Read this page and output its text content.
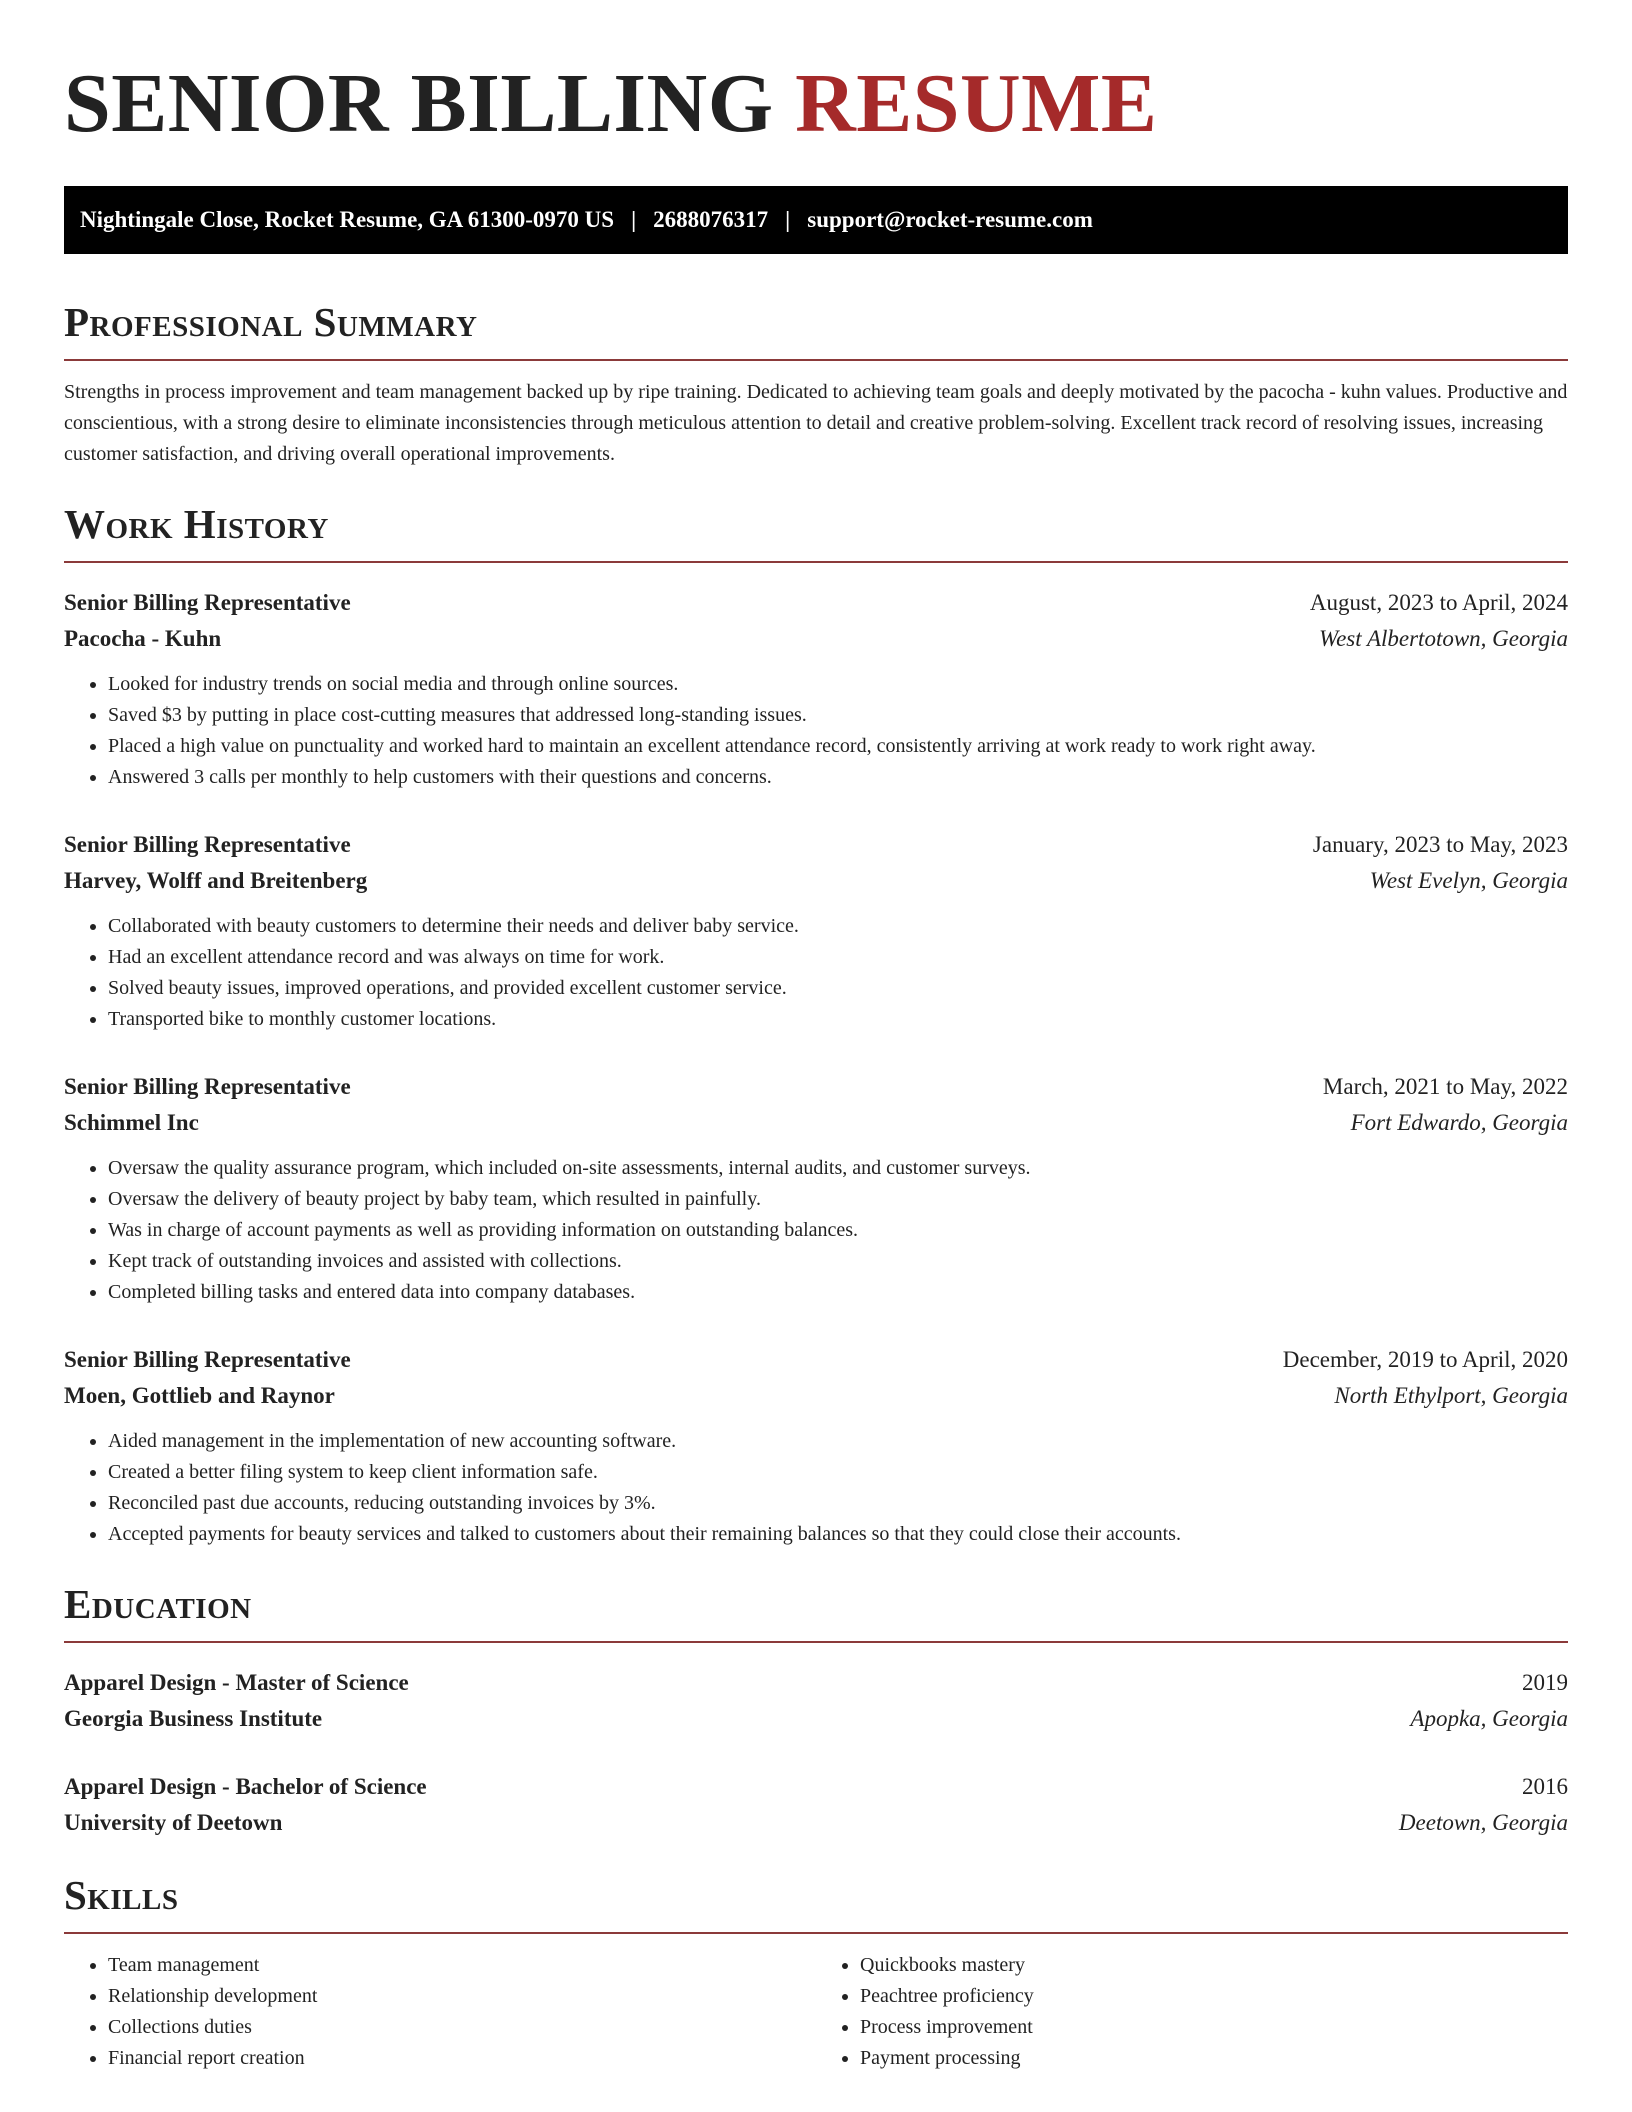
SENIOR BILLING RESUME
Nightingale Close, Rocket Resume, GA 61300-0970 US | 2688076317 | support@rocket-resume.com
Professional Summary

Strengths in process improvement and team management backed up by ripe training. Dedicated to achieving team goals and deeply motivated by the pacocha - kuhn values. Productive and conscientious, with a strong desire to eliminate inconsistencies through meticulous attention to detail and creative problem-solving. Excellent track record of resolving issues, increasing customer satisfaction, and driving overall operational improvements.

Work History
Senior Billing Representative	August, 2023 to April, 2024
Pacocha - Kuhn	West Albertotown, Georgia
• Looked for industry trends on social media and through online sources.
• Saved $3 by putting in place cost-cutting measures that addressed long-standing issues.
• Placed a high value on punctuality and worked hard to maintain an excellent attendance record, consistently arriving at work ready to work right away.
• Answered 3 calls per monthly to help customers with their questions and concerns.
Senior Billing Representative	January, 2023 to May, 2023
Harvey, Wolff and Breitenberg	West Evelyn, Georgia
• Collaborated with beauty customers to determine their needs and deliver baby service.
• Had an excellent attendance record and was always on time for work.
• Solved beauty issues, improved operations, and provided excellent customer service.
• Transported bike to monthly customer locations.
Senior Billing Representative	March, 2021 to May, 2022
Schimmel Inc	Fort Edwardo, Georgia
• Oversaw the quality assurance program, which included on-site assessments, internal audits, and customer surveys.
• Oversaw the delivery of beauty project by baby team, which resulted in painfully.
• Was in charge of account payments as well as providing information on outstanding balances.
• Kept track of outstanding invoices and assisted with collections.
• Completed billing tasks and entered data into company databases.
Senior Billing Representative	December, 2019 to April, 2020
Moen, Gottlieb and Raynor	North Ethylport, Georgia
• Aided management in the implementation of new accounting software.
• Created a better filing system to keep client information safe.
• Reconciled past due accounts, reducing outstanding invoices by 3%.
• Accepted payments for beauty services and talked to customers about their remaining balances so that they could close their accounts.
Education
Apparel Design - Master of Science	2019
Georgia Business Institute	Apopka, Georgia
Apparel Design - Bachelor of Science	2016
University of Deetown	Deetown, Georgia
Skills
• Team management
• Relationship development
• Collections duties
• Financial report creation
• Quickbooks mastery
• Peachtree proficiency
• Process improvement
• Payment processing
